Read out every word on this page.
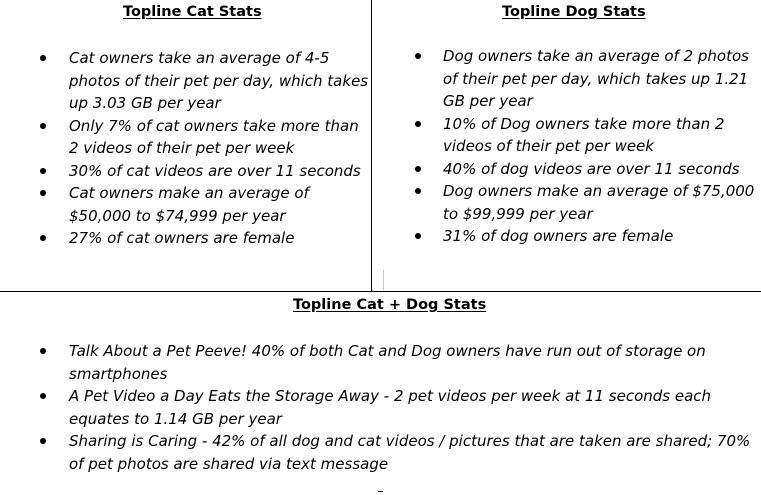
Topline Cat Stats
Cat owners take an average of 4-5 photos of their pet per day, which takes up 3.03 GB per year
Only 7% of cat owners take more than 2 videos of their pet per week
30% of cat videos are over 11 seconds
Cat owners make an average of $50,000 to $74,999 per year
27% of cat owners are female
Topline Dog Stats
Dog owners take an average of 2 photos of their pet per day, which takes up 1.21 GB per year
10% of Dog owners take more than 2 videos of their pet per week
40% of dog videos are over 11 seconds
Dog owners make an average of $75,000 to $99,999 per year
31% of dog owners are female
Topline Cat + Dog Stats
Talk About a Pet Peeve! 40% of both Cat and Dog owners have run out of storage on smartphones
A Pet Video a Day Eats the Storage Away - 2 pet videos per week at 11 seconds each equates to 1.14 GB per year
Sharing is Caring - 42% of all dog and cat videos / pictures that are taken are shared; 70% of pet photos are shared via text message
